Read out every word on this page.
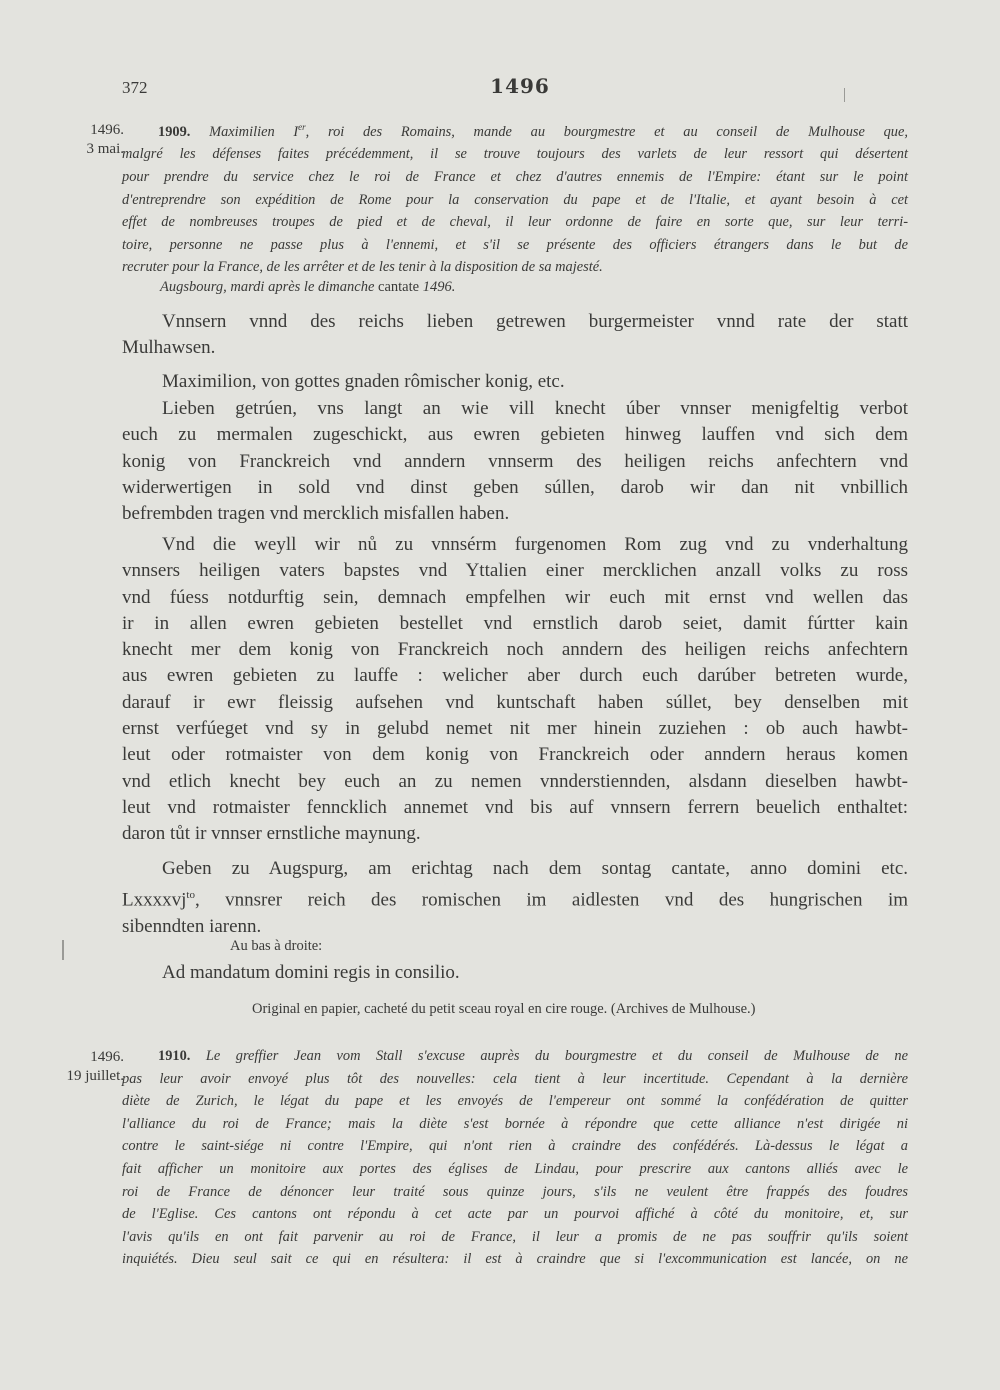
372	1496
1496.
3 mai.
1909. Maximilien Ier, roi des Romains, mande au bourgmestre et au conseil de Mulhouse que,
malgré les défenses faites précédemment, il se trouve toujours des varlets de leur ressort qui désertent
pour prendre du service chez le roi de France et chez d'autres ennemis de l'Empire: étant sur le point
d'entreprendre son expédition de Rome pour la conservation du pape et de l'Italie, et ayant besoin à cet
effet de nombreuses troupes de pied et de cheval, il leur ordonne de faire en sorte que, sur leur terri-
toire, personne ne passe plus à l'ennemi, et s'il se présente des officiers étrangers dans le but de
recruter pour la France, de les arrêter et de les tenir à la disposition de sa majesté.
Augsbourg, mardi après le dimanche cantate 1496.
Vnnsern vnnd des reichs lieben getrewen burgermeister vnnd rate der statt
Mulhawsen.
Maximilion, von gottes gnaden rômischer konig, etc.
Lieben getrúen, vns langt an wie vill knecht úber vnnser menigfeltig verbot
euch zu mermalen zugeschickt, aus ewren gebieten hinweg lauffen vnd sich dem
konig von Franckreich vnd anndern vnnserm des heiligen reichs anfechtern vnd
widerwertigen in sold vnd dinst geben súllen, darob wir dan nit vnbillich
befrembden tragen vnd mercklich misfallen haben.
Vnd die weyll wir nů zu vnnsérm furgenomen Rom zug vnd zu vnderhaltung
vnnsers heiligen vaters bapstes vnd Yttalien einer mercklichen anzall volks zu ross
vnd fúess notdurftig sein, demnach empfelhen wir euch mit ernst vnd wellen das
ir in allen ewren gebieten bestellet vnd ernstlich darob seiet, damit fúrtter kain
knecht mer dem konig von Franckreich noch anndern des heiligen reichs anfechtern
aus ewren gebieten zu lauffe : welicher aber durch euch darúber betreten wurde,
darauf ir ewr fleissig aufsehen vnd kuntschaft haben súllet, bey denselben mit
ernst verfúeget vnd sy in gelubd nemet nit mer hinein zuziehen : ob auch hawbt-
leut oder rotmaister von dem konig von Franckreich oder anndern heraus komen
vnd etlich knecht bey euch an zu nemen vnnderstiennden, alsdann dieselben hawbt-
leut vnd rotmaister fenncklich annemet vnd bis auf vnnsern ferrern beuelich enthaltet:
daron tůt ir vnnser ernstliche maynung.
Geben zu Augspurg, am erichtag nach dem sontag cantate, anno domini etc.
Lxxxxvj$^{to}$, vnnsrer reich des romischen im aidlesten vnd des hungrischen im
sibenndten iarenn.
Au bas à droite:
Ad mandatum domini regis in consilio.
Original en papier, cacheté du petit sceau royal en cire rouge. (Archives de Mulhouse.)
1496.
19 juillet.
1910. Le greffier Jean vom Stall s'excuse auprès du bourgmestre et du conseil de Mulhouse de ne
pas leur avoir envoyé plus tôt des nouvelles: cela tient à leur incertitude. Cependant à la dernière
diète de Zurich, le légat du pape et les envoyés de l'empereur ont sommé la confédération de quitter
l'alliance du roi de France; mais la diète s'est bornée à répondre que cette alliance n'est dirigée ni
contre le saint-siége ni contre l'Empire, qui n'ont rien à craindre des confédérés. Là-dessus le légat a
fait afficher un monitoire aux portes des églises de Lindau, pour prescrire aux cantons alliés avec le
roi de France de dénoncer leur traité sous quinze jours, s'ils ne veulent être frappés des foudres
de l'Eglise. Ces cantons ont répondu à cet acte par un pourvoi affiché à côté du monitoire, et, sur
l'avis qu'ils en ont fait parvenir au roi de France, il leur a promis de ne pas souffrir qu'ils soient
inquiétés. Dieu seul sait ce qui en résultera: il est à craindre que si l'excommunication est lancée, on ne
